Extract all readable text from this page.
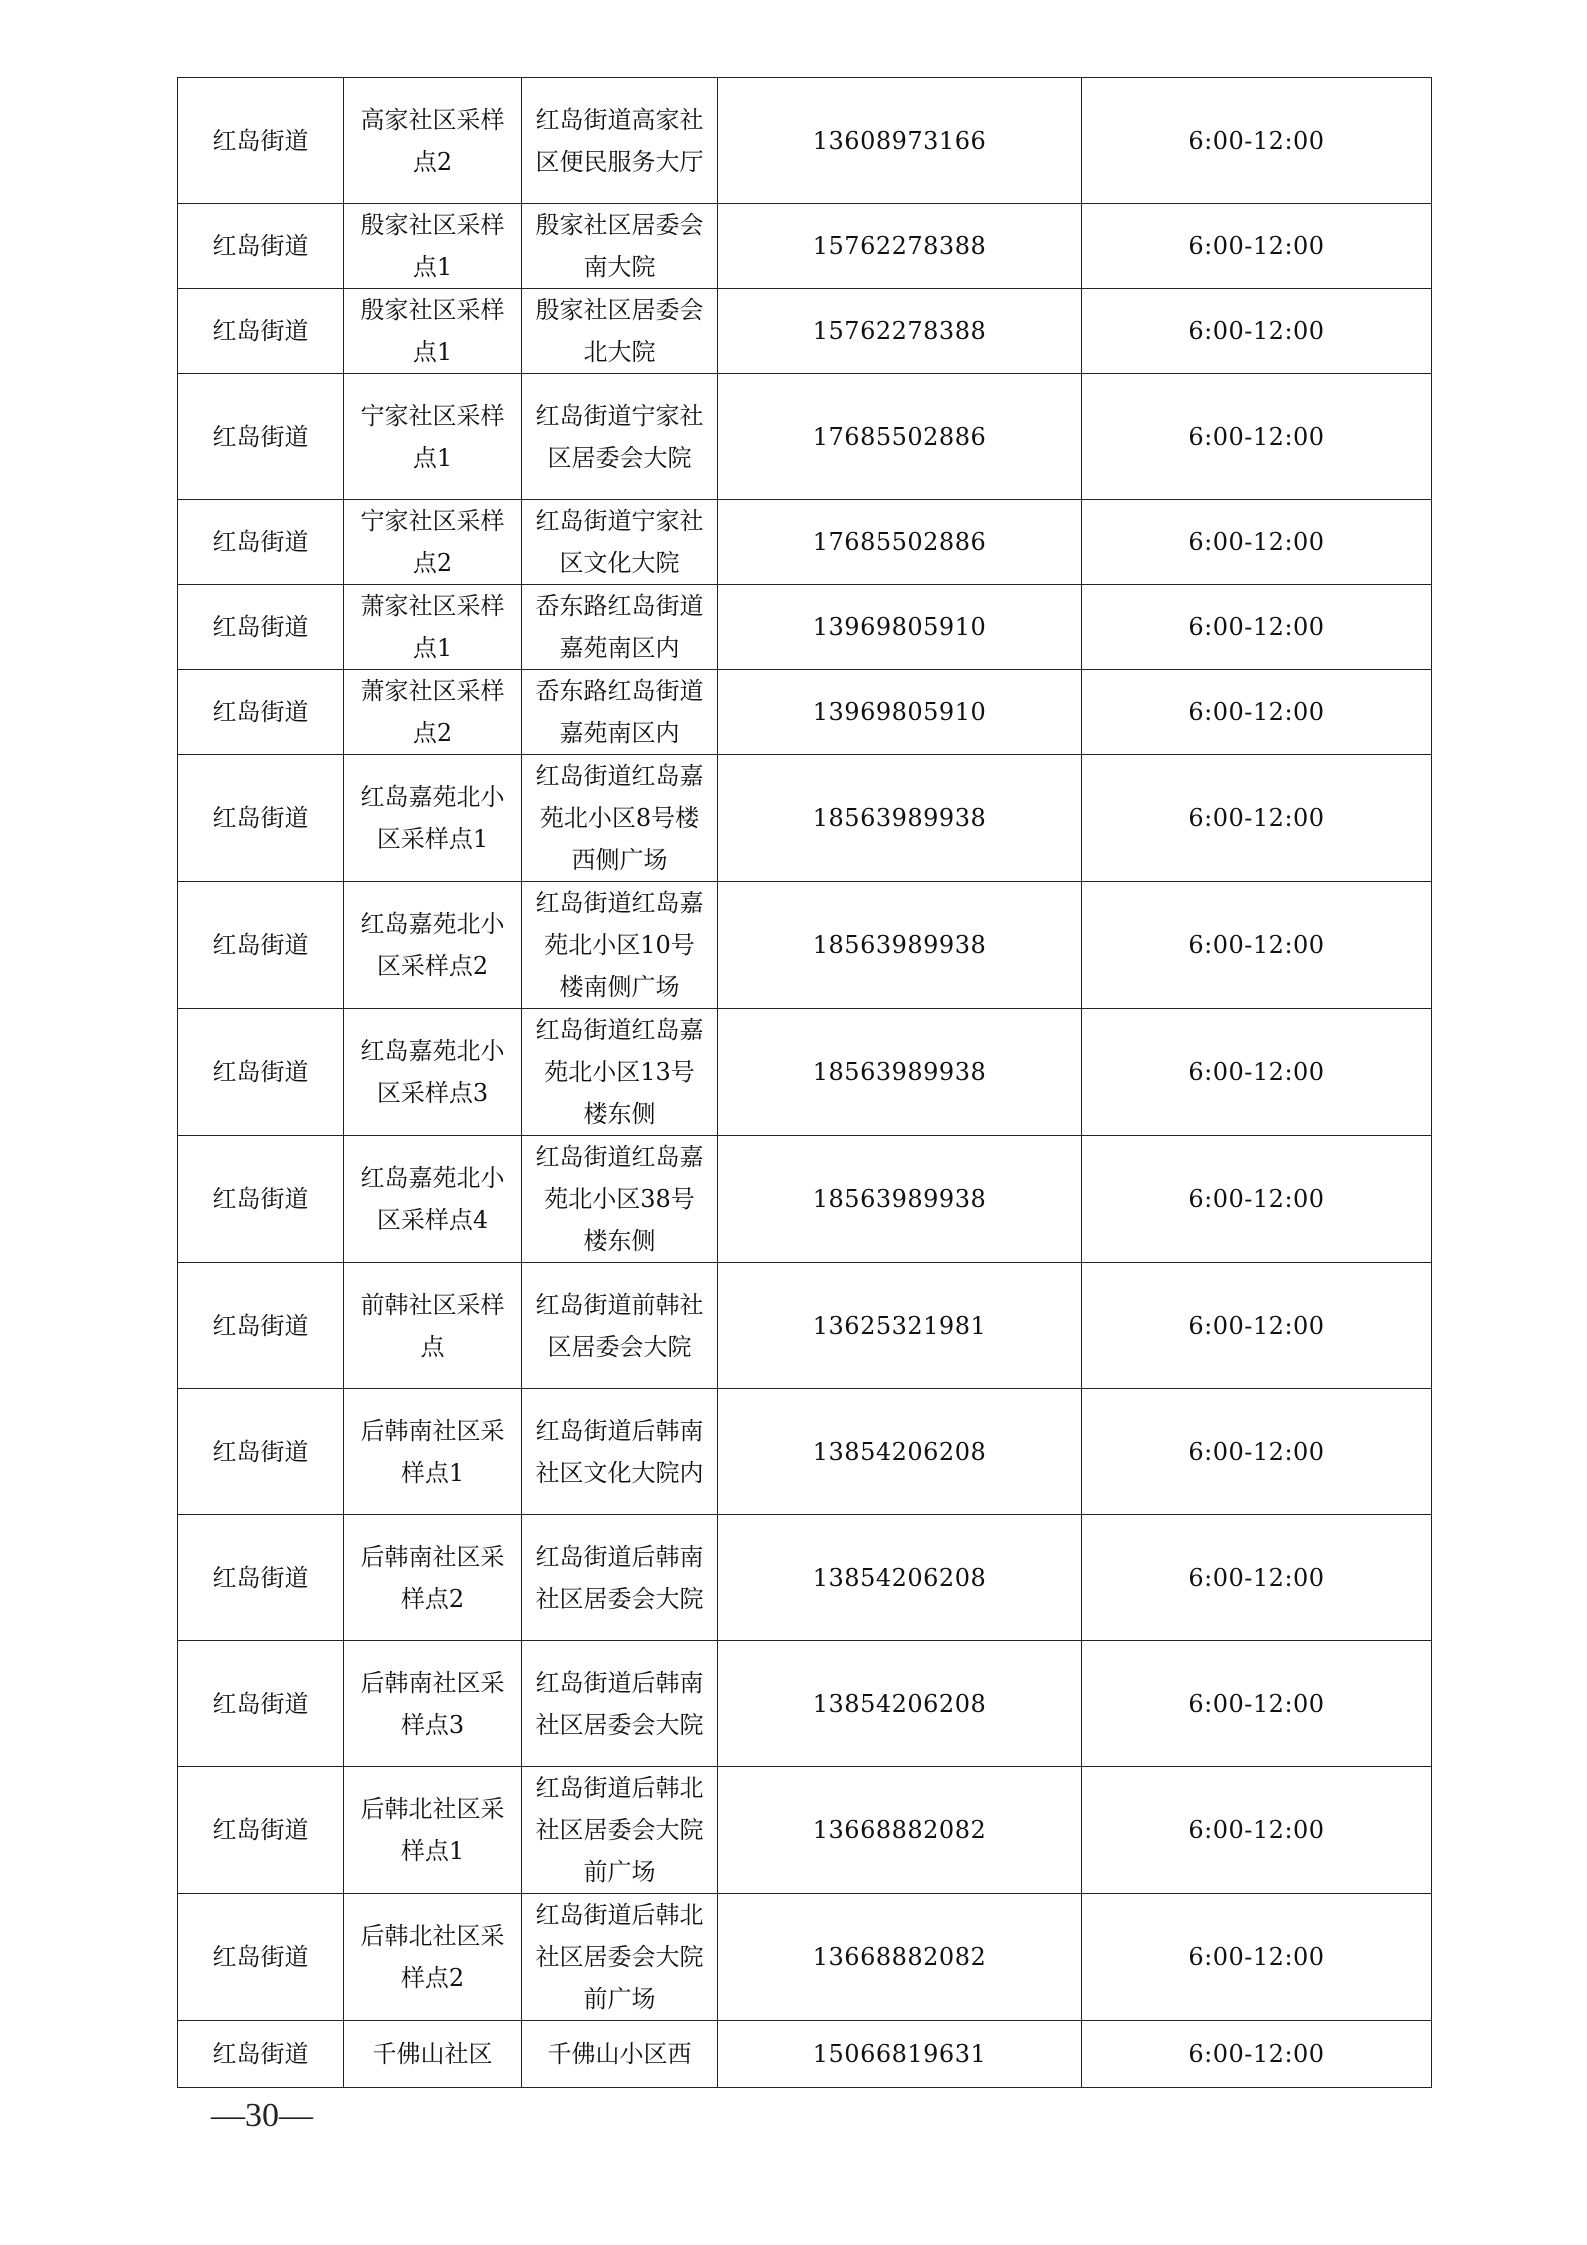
红岛街道	高家社区采样点2	红岛街道高家社区便民服务大厅	13608973166	6:00-12:00
红岛街道	殷家社区采样点1	殷家社区居委会南大院	15762278388	6:00-12:00
红岛街道	殷家社区采样点1	殷家社区居委会北大院	15762278388	6:00-12:00
红岛街道	宁家社区采样点1	红岛街道宁家社区居委会大院	17685502886	6:00-12:00
红岛街道	宁家社区采样点2	红岛街道宁家社区文化大院	17685502886	6:00-12:00
红岛街道	萧家社区采样点1	岙东路红岛街道嘉苑南区内	13969805910	6:00-12:00
红岛街道	萧家社区采样点2	岙东路红岛街道嘉苑南区内	13969805910	6:00-12:00
红岛街道	红岛嘉苑北小区采样点1	红岛街道红岛嘉苑北小区8号楼西侧广场	18563989938	6:00-12:00
红岛街道	红岛嘉苑北小区采样点2	红岛街道红岛嘉苑北小区10号楼南侧广场	18563989938	6:00-12:00
红岛街道	红岛嘉苑北小区采样点3	红岛街道红岛嘉苑北小区13号楼东侧	18563989938	6:00-12:00
红岛街道	红岛嘉苑北小区采样点4	红岛街道红岛嘉苑北小区38号楼东侧	18563989938	6:00-12:00
红岛街道	前韩社区采样点	红岛街道前韩社区居委会大院	13625321981	6:00-12:00
红岛街道	后韩南社区采样点1	红岛街道后韩南社区文化大院内	13854206208	6:00-12:00
红岛街道	后韩南社区采样点2	红岛街道后韩南社区居委会大院	13854206208	6:00-12:00
红岛街道	后韩南社区采样点3	红岛街道后韩南社区居委会大院	13854206208	6:00-12:00
红岛街道	后韩北社区采样点1	红岛街道后韩北社区居委会大院前广场	13668882082	6:00-12:00
红岛街道	后韩北社区采样点2	红岛街道后韩北社区居委会大院前广场	13668882082	6:00-12:00
红岛街道	千佛山社区	千佛山小区西	15066819631	6:00-12:00
—30—
